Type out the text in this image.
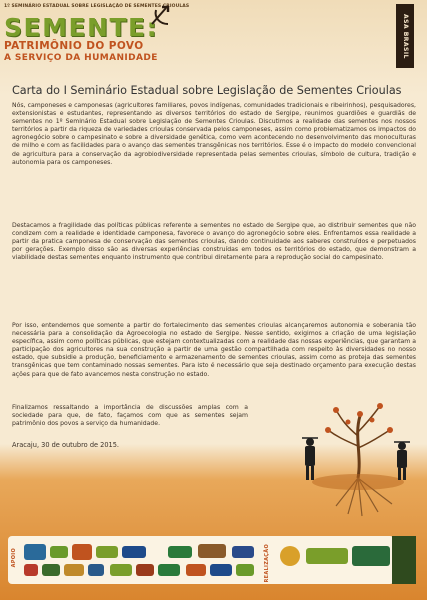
1º SEMINÁRIO ESTADUAL SOBRE LEGISLAÇÃO DE SEMENTES CRIOULAS
SEMENTE:
PATRIMÔNIO DO POVO
A SERVIÇO DA HUMANIDADE	ASA BRASIL
Carta do I Seminário Estadual sobre Legislação de Sementes Crioulas
Nós, camponeses e camponesas (agricultores familiares, povos indígenas, comunidades tradicionais e ribeirinhos), pesquisadores, extensionistas e estudantes, representando as diversos territórios do estado de Sergipe, reunimos guardiões e guardiãs de sementes no 1º Seminário Estadual sobre Legislação de Sementes Crioulas. Discutimos a realidade das sementes nos nossos territórios a partir da riqueza de variedades crioulas conservada pelos camponeses, assim como problematizamos os impactos do agronegócio sobre o campesinato e sobre a diversidade genética, como vem acontecendo no desenvolvimento das monoculturas de milho e com as facilidades para o avanço das sementes transgênicas nos territórios. Esse é o impacto do modelo convencional de agricultura para a conservação da agrobiodiversidade representada pelas sementes crioulas, símbolo de cultura, tradição e autonomia para os camponeses.
Destacamos a fragilidade das políticas públicas referente a sementes no estado de Sergipe que, ao distribuir sementes que não condizem com a realidade e identidade camponesa, favorece o avanço do agronegócio sobre eles. Enfrentamos essa realidade a partir da pratica camponesa de conservação das sementes crioulas, dando continuidade aos saberes construídos e perpetuados por gerações. Exemplo disso são as diversas experiências construídas em todos os territórios do estado, que demonstram a viabilidade destas sementes enquanto instrumento que contribui diretamente para a reprodução social do campesinato.
Por isso, entendemos que somente a partir do fortalecimento das sementes crioulas alcançaremos autonomia e soberania tão necessária para a consolidação da Agroecologia no estado de Sergipe. Nesse sentido, exigimos a criação de uma legislação específica, assim como políticas públicas, que estejam contextualizadas com a realidade das nossas experiências, que garantam a participação dos agricultores na sua construção a partir de uma gestão compartilhada com respeito às diversidades no nosso estado, que subsidie a produção, beneficiamento e armazenamento de sementes crioulas, assim como as proteja das sementes transgênicas que tem contaminado nossas sementes. Para isto é necessário que seja destinado orçamento para execução destas ações para que de fato avancemos nesta construção no estado.
Finalizamos ressaltando a importância de discussões amplas com a sociedade para que, de fato, façamos com que as sementes sejam patrimônio dos povos a serviço da humanidade.
Aracaju, 30 de outubro de 2015.
APOIO	REALIZAÇÃO
